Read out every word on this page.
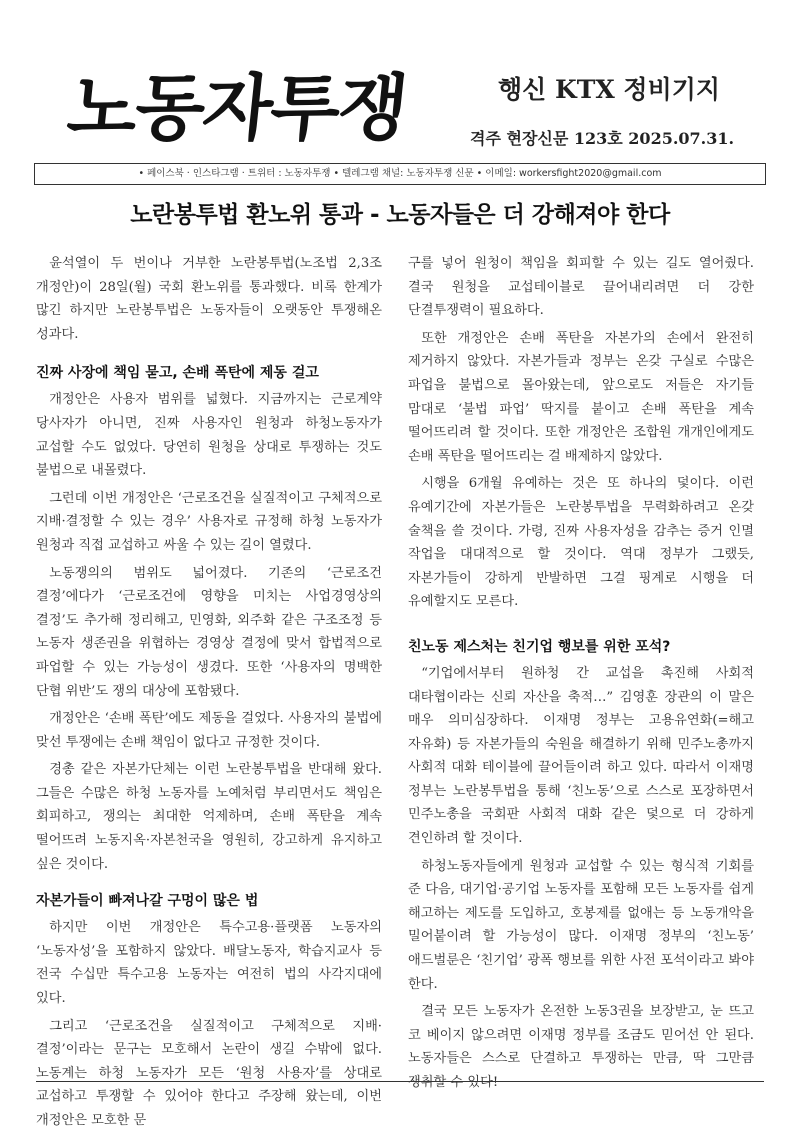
노동자투쟁	행신 KTX 정비기지
격주 현장신문 123호 2025.07.31.
• 페이스북 · 인스타그램 · 트위터 : 노동자투쟁 • 텔레그램 채널: 노동자투쟁 신문 • 이메일: workersfight2020@gmail.com
노란봉투법 환노위 통과 - 노동자들은 더 강해져야 한다

윤석열이 두 번이나 거부한 노란봉투법(노조법 2,3조 개정안)이 28일(월) 국회 환노위를 통과했다. 비록 한계가 많긴 하지만 노란봉투법은 노동자들이 오랫동안 투쟁해온 성과다.

진짜 사장에 책임 묻고, 손배 폭탄에 제동 걸고

개정안은 사용자 범위를 넓혔다. 지금까지는 근로계약 당사자가 아니면, 진짜 사용자인 원청과 하청노동자가 교섭할 수도 없었다. 당연히 원청을 상대로 투쟁하는 것도 불법으로 내몰렸다.

그런데 이번 개정안은 ‘근로조건을 실질적이고 구체적으로 지배·결정할 수 있는 경우’ 사용자로 규정해 하청 노동자가 원청과 직접 교섭하고 싸울 수 있는 길이 열렸다.

노동쟁의의 범위도 넓어졌다. 기존의 ‘근로조건 결정’에다가 ‘근로조건에 영향을 미치는 사업경영상의 결정’도 추가해 정리해고, 민영화, 외주화 같은 구조조정 등 노동자 생존권을 위협하는 경영상 결정에 맞서 합법적으로 파업할 수 있는 가능성이 생겼다. 또한 ‘사용자의 명백한 단협 위반’도 쟁의 대상에 포함됐다.

개정안은 ‘손배 폭탄’에도 제동을 걸었다. 사용자의 불법에 맞선 투쟁에는 손배 책임이 없다고 규정한 것이다.

경총 같은 자본가단체는 이런 노란봉투법을 반대해 왔다. 그들은 수많은 하청 노동자를 노예처럼 부리면서도 책임은 회피하고, 쟁의는 최대한 억제하며, 손배 폭탄을 계속 떨어뜨려 노동지옥·자본천국을 영원히, 강고하게 유지하고 싶은 것이다.

자본가들이 빠져나갈 구멍이 많은 법

하지만 이번 개정안은 특수고용·플랫폼 노동자의 ‘노동자성’을 포함하지 않았다. 배달노동자, 학습지교사 등 전국 수십만 특수고용 노동자는 여전히 법의 사각지대에 있다.

그리고 ‘근로조건을 실질적이고 구체적으로 지배·결정’이라는 문구는 모호해서 논란이 생길 수밖에 없다. 노동계는 하청 노동자가 모든 ‘원청 사용자’를 상대로 교섭하고 투쟁할 수 있어야 한다고 주장해 왔는데, 이번 개정안은 모호한 문

구를 넣어 원청이 책임을 회피할 수 있는 길도 열어줬다. 결국 원청을 교섭테이블로 끌어내리려면 더 강한 단결투쟁력이 필요하다.

또한 개정안은 손배 폭탄을 자본가의 손에서 완전히 제거하지 않았다. 자본가들과 정부는 온갖 구실로 수많은 파업을 불법으로 몰아왔는데, 앞으로도 저들은 자기들 맘대로 ‘불법 파업’ 딱지를 붙이고 손배 폭탄을 계속 떨어뜨리려 할 것이다. 또한 개정안은 조합원 개개인에게도 손배 폭탄을 떨어뜨리는 걸 배제하지 않았다.

시행을 6개월 유예하는 것은 또 하나의 덫이다. 이런 유예기간에 자본가들은 노란봉투법을 무력화하려고 온갖 술책을 쓸 것이다. 가령, 진짜 사용자성을 감추는 증거 인멸 작업을 대대적으로 할 것이다. 역대 정부가 그랬듯, 자본가들이 강하게 반발하면 그걸 핑계로 시행을 더 유예할지도 모른다.

친노동 제스처는 친기업 행보를 위한 포석?

“기업에서부터 원하청 간 교섭을 촉진해 사회적 대타협이라는 신뢰 자산을 축적…” 김영훈 장관의 이 말은 매우 의미심장하다. 이재명 정부는 고용유연화(=해고 자유화) 등 자본가들의 숙원을 해결하기 위해 민주노총까지 사회적 대화 테이블에 끌어들이려 하고 있다. 따라서 이재명 정부는 노란봉투법을 통해 ‘친노동’으로 스스로 포장하면서 민주노총을 국회판 사회적 대화 같은 덫으로 더 강하게 견인하려 할 것이다.

하청노동자들에게 원청과 교섭할 수 있는 형식적 기회를 준 다음, 대기업·공기업 노동자를 포함해 모든 노동자를 쉽게 해고하는 제도를 도입하고, 호봉제를 없애는 등 노동개악을 밀어붙이려 할 가능성이 많다. 이재명 정부의 ‘친노동’ 애드벌룬은 ‘친기업’ 광폭 행보를 위한 사전 포석이라고 봐야 한다.

결국 모든 노동자가 온전한 노동3권을 보장받고, 눈 뜨고 코 베이지 않으려면 이재명 정부를 조금도 믿어선 안 된다. 노동자들은 스스로 단결하고 투쟁하는 만큼, 딱 그만큼 쟁취할 수 있다!
